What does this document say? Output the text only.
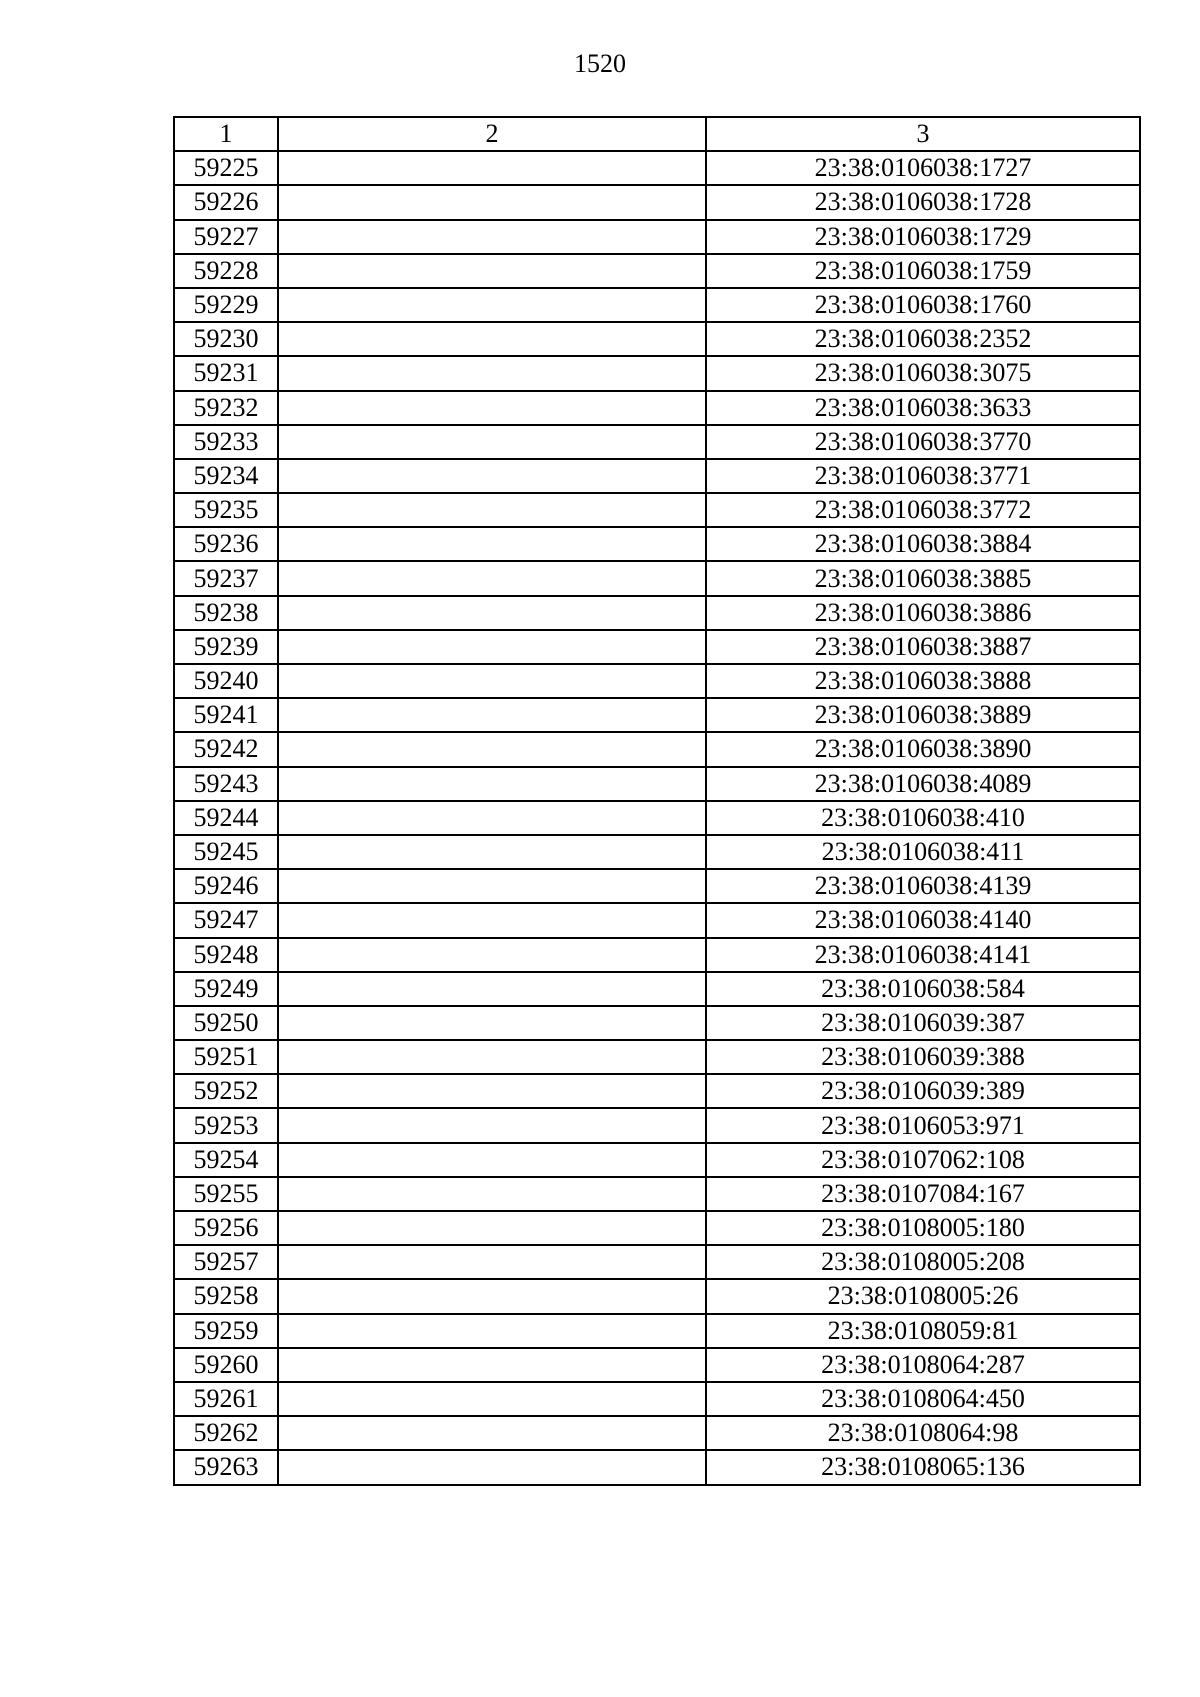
1520
1	2	3
59225		23:38:0106038:1727
59226		23:38:0106038:1728
59227		23:38:0106038:1729
59228		23:38:0106038:1759
59229		23:38:0106038:1760
59230		23:38:0106038:2352
59231		23:38:0106038:3075
59232		23:38:0106038:3633
59233		23:38:0106038:3770
59234		23:38:0106038:3771
59235		23:38:0106038:3772
59236		23:38:0106038:3884
59237		23:38:0106038:3885
59238		23:38:0106038:3886
59239		23:38:0106038:3887
59240		23:38:0106038:3888
59241		23:38:0106038:3889
59242		23:38:0106038:3890
59243		23:38:0106038:4089
59244		23:38:0106038:410
59245		23:38:0106038:411
59246		23:38:0106038:4139
59247		23:38:0106038:4140
59248		23:38:0106038:4141
59249		23:38:0106038:584
59250		23:38:0106039:387
59251		23:38:0106039:388
59252		23:38:0106039:389
59253		23:38:0106053:971
59254		23:38:0107062:108
59255		23:38:0107084:167
59256		23:38:0108005:180
59257		23:38:0108005:208
59258		23:38:0108005:26
59259		23:38:0108059:81
59260		23:38:0108064:287
59261		23:38:0108064:450
59262		23:38:0108064:98
59263		23:38:0108065:136
